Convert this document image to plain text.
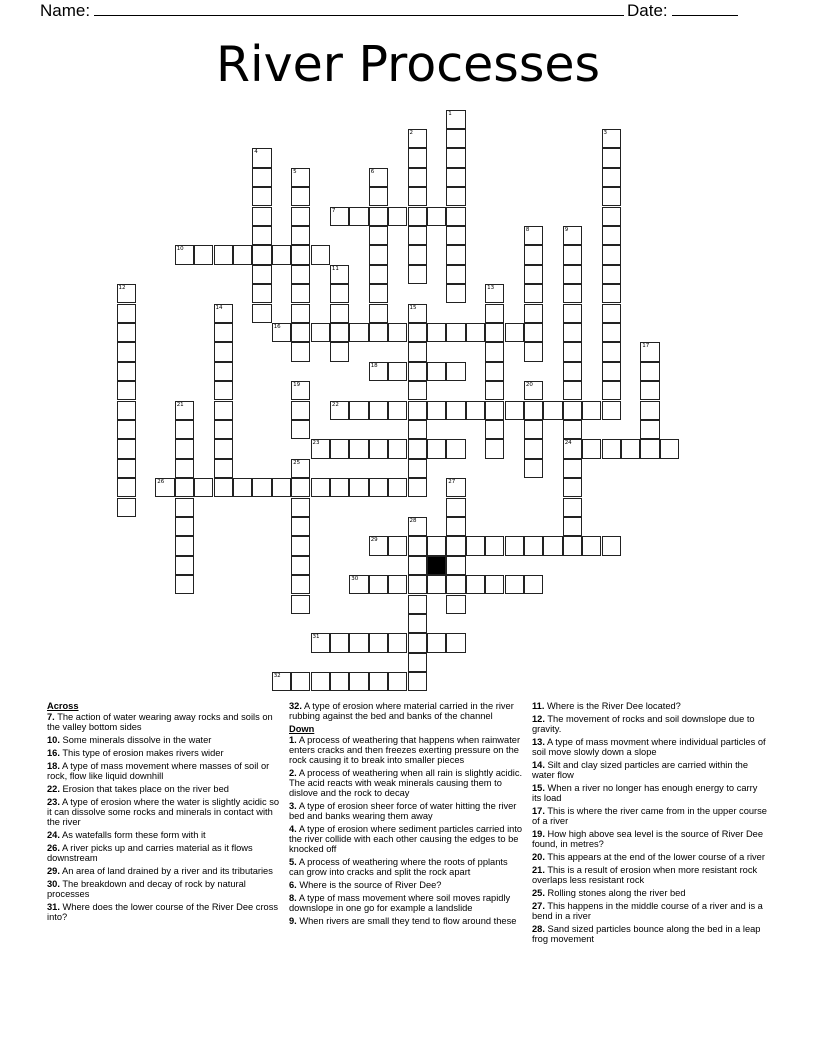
Name:	Date:
River Processes
1
2	3
4
5	6
7
8	9
24
10
11
12	13
14	15
16
17
18
19	20
21	22
23
25
26	27
28
29
30
31
32
Across
7. The action of water wearing away rocks and soils on the valley bottom sides
10. Some minerals dissolve in the water
16. This type of erosion makes rivers wider
18. A type of mass movement where masses of soil or rock, flow like liquid downhill
22. Erosion that takes place on the river bed
23. A type of erosion where the water is slightly acidic so it can dissolve some rocks and minerals in contact with the river
24. As watefalls form these form with it
26. A river picks up and carries material as it flows downstream
29. An area of land drained by a river and its tributaries
30. The breakdown and decay of rock by natural processes
31. Where does the lower course of the River Dee cross into?
32. A type of erosion where material carried in the river rubbing against the bed and banks of the channel
Down
1. A process of weathering that happens when rainwater enters cracks and then freezes exerting pressure on the rock causing it to break into smaller pieces
2. A process of weathering when all rain is slightly acidic. The acid reacts with weak minerals causing them to dislove and the rock to decay
3. A type of erosion sheer force of water hitting the river bed and banks wearing them away
4. A type of erosion where sediment particles carried into the river collide with each other causing the edges to be knocked off
5. A process of weathering where the roots of pplants can grow into cracks and split the rock apart
6. Where is the source of River Dee?
8. A type of mass movement where soil moves rapidly downslope in one go for example a landslide
9. When rivers are small they tend to flow around these
11. Where is the River Dee located?
12. The movement of rocks and soil downslope due to gravity.
13. A type of mass movment where individual particles of soil move slowly down a slope
14. Silt and clay sized particles are carried within the water flow
15. When a river no longer has enough energy to carry its load
17. This is where the river came from in the upper course of a river
19. How high above sea level is the source of River Dee found, in metres?
20. This appears at the end of the lower course of a river
21. This is a result of erosion when more resistant rock overlaps less resistant rock
25. Rolling stones along the river bed
27. This happens in the middle course of a river and is a bend in a river
28. Sand sized particles bounce along the bed in a leap frog movement
